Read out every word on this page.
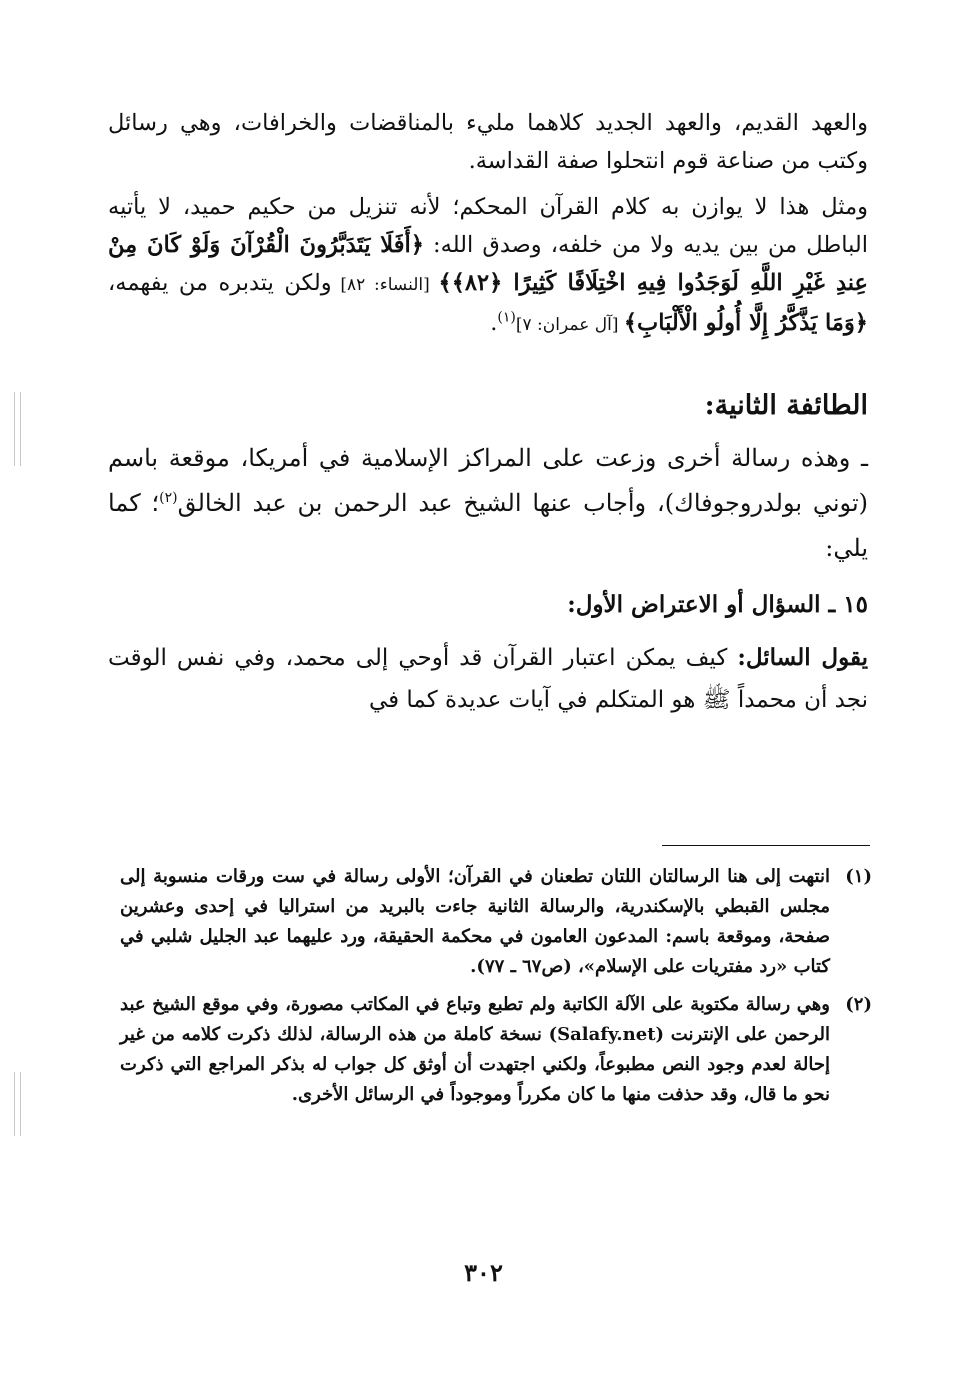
والعهد القديم، والعهد الجديد كلاهما مليء بالمناقضات والخرافات، وهي رسائل وكتب من صناعة قوم انتحلوا صفة القداسة.

ومثل هذا لا يوازن به كلام القرآن المحكم؛ لأنه تنزيل من حكيم حميد، لا يأتيه الباطل من بين يديه ولا من خلفه، وصدق الله: ﴿أَفَلَا يَتَدَبَّرُونَ الْقُرْآنَ وَلَوْ كَانَ مِنْ عِندِ غَيْرِ اللَّهِ لَوَجَدُوا فِيهِ اخْتِلَافًا كَثِيرًا ﴿٨٢﴾﴾ [النساء: ٨٢] ولكن يتدبره من يفهمه، ﴿وَمَا يَذَّكَّرُ إِلَّا أُولُو الْأَلْبَابِ﴾ [آل عمران: ٧]$^{(١)}$.

الطائفة الثانية:

ـ وهذه رسالة أخرى وزعت على المراكز الإسلامية في أمريكا، موقعة باسم (توني بولدروجوفاك)، وأجاب عنها الشيخ عبد الرحمن بن عبد الخالق$^{(٢)}$؛ كما يلي:

١٥ ـ السؤال أو الاعتراض الأول:

يقول السائل: كيف يمكن اعتبار القرآن قد أوحي إلى محمد، وفي نفس الوقت نجد أن محمداً ﷺ هو المتكلم في آيات عديدة كما في

(١)
انتهت إلى هنا الرسالتان اللتان تطعنان في القرآن؛ الأولى رسالة في ست ورقات منسوبة إلى مجلس القبطي بالإسكندرية، والرسالة الثانية جاءت بالبريد من استراليا في إحدى وعشرين صفحة، وموقعة باسم: المدعون العامون في محكمة الحقيقة، ورد عليهما عبد الجليل شلبي في كتاب «رد مفتريات على الإسلام»، (ص٦٧ ـ ٧٧).
(٢)
وهي رسالة مكتوبة على الآلة الكاتبة ولم تطبع وتباع في المكاتب مصورة، وفي موقع الشيخ عبد الرحمن على الإنترنت (Salafy.net) نسخة كاملة من هذه الرسالة، لذلك ذكرت كلامه من غير إحالة لعدم وجود النص مطبوعاً، ولكني اجتهدت أن أوثق كل جواب له بذكر المراجع التي ذكرت نحو ما قال، وقد حذفت منها ما كان مكرراً وموجوداً في الرسائل الأخرى.
٣٠٢
